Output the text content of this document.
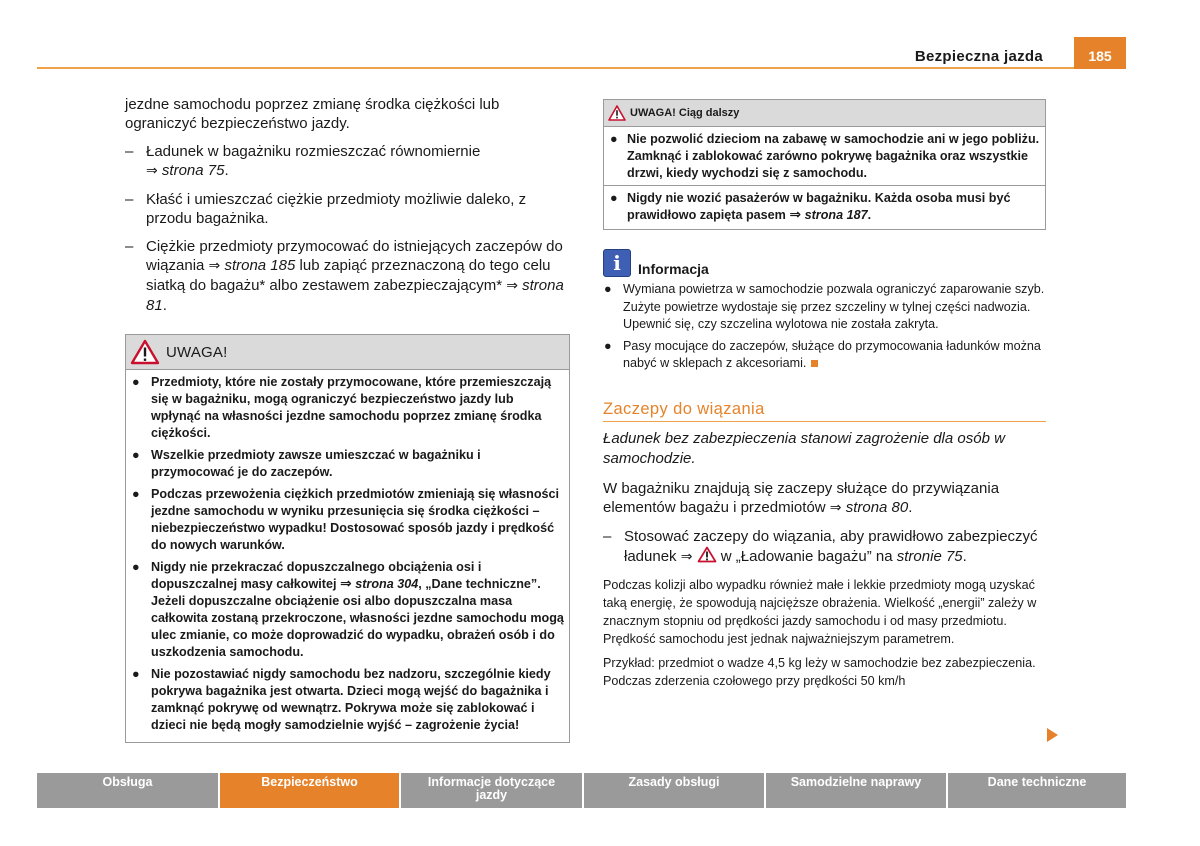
Bezpieczna jazda	185

jezdne samochodu poprzez zmianę środka ciężkości lub ograniczyć bezpieczeństwo jazdy.

– Ładunek w bagażniku rozmieszczać równomiernie
⇒ strona 75.
– Kłaść i umieszczać ciężkie przedmioty możliwie daleko, z przodu bagażnika.
– Ciężkie przedmioty przymocować do istniejących zaczepów do wiązania ⇒ strona 185 lub zapiąć przeznaczoną do tego celu siatką do bagażu* albo zestawem zabezpieczającym* ⇒ strona 81.
UWAGA!
● Przedmioty, które nie zostały przymocowane, które przemieszczają się w bagażniku, mogą ograniczyć bezpieczeństwo jazdy lub wpłynąć na własności jezdne samochodu poprzez zmianę środka ciężkości.
● Wszelkie przedmioty zawsze umieszczać w bagażniku i przymocować je do zaczepów.
● Podczas przewożenia ciężkich przedmiotów zmieniają się własności jezdne samochodu w wyniku przesunięcia się środka ciężkości – niebezpieczeństwo wypadku! Dostosować sposób jazdy i prędkość do nowych warunków.
● Nigdy nie przekraczać dopuszczalnego obciążenia osi i dopuszczalnej masy całkowitej ⇒ strona 304, „Dane techniczne”. Jeżeli dopuszczalne obciążenie osi albo dopuszczalna masa całkowita zostaną przekroczone, własności jezdne samochodu mogą ulec zmianie, co może doprowadzić do wypadku, obrażeń osób i do uszkodzenia samochodu.
● Nie pozostawiać nigdy samochodu bez nadzoru, szczególnie kiedy pokrywa bagażnika jest otwarta. Dzieci mogą wejść do bagażnika i zamknąć pokrywę od wewnątrz. Pokrywa może się zablokować i dzieci nie będą mogły samodzielnie wyjść – zagrożenie życia!
UWAGA! Ciąg dalszy
● Nie pozwolić dzieciom na zabawę w samochodzie ani w jego pobliżu. Zamknąć i zablokować zarówno pokrywę bagażnika oraz wszystkie drzwi, kiedy wychodzi się z samochodu.
● Nigdy nie wozić pasażerów w bagażniku. Każda osoba musi być prawidłowo zapięta pasem ⇒ strona 187.
i	Informacja
● Wymiana powietrza w samochodzie pozwala ograniczyć zaparowanie szyb. Zużyte powietrze wydostaje się przez szczeliny w tylnej części nadwozia. Upewnić się, czy szczelina wylotowa nie została zakryta.
● Pasy mocujące do zaczepów, służące do przymocowania ładunków można nabyć w sklepach z akcesoriami.
Zaczepy do wiązania

Ładunek bez zabezpieczenia stanowi zagrożenie dla osób w samochodzie.

W bagażniku znajdują się zaczepy służące do przywiązania elementów bagażu i przedmiotów ⇒ strona 80.

– Stosować zaczepy do wiązania, aby prawidłowo zabezpieczyć ładunek ⇒ w „Ładowanie bagażu” na stronie 75.

Podczas kolizji albo wypadku również małe i lekkie przedmioty mogą uzyskać taką energię, że spowodują najcięższe obrażenia. Wielkość „energii” zależy w znacznym stopniu od prędkości jazdy samochodu i od masy przedmiotu. Prędkość samochodu jest jednak najważniejszym parametrem.

Przykład: przedmiot o wadze 4,5 kg leży w samochodzie bez zabezpieczenia. Podczas zderzenia czołowego przy prędkości 50 km/h

Obsługa	Bezpieczeństwo	Informacje dotyczące jazdy
Zasady obsługi	Samodzielne naprawy	Dane techniczne
